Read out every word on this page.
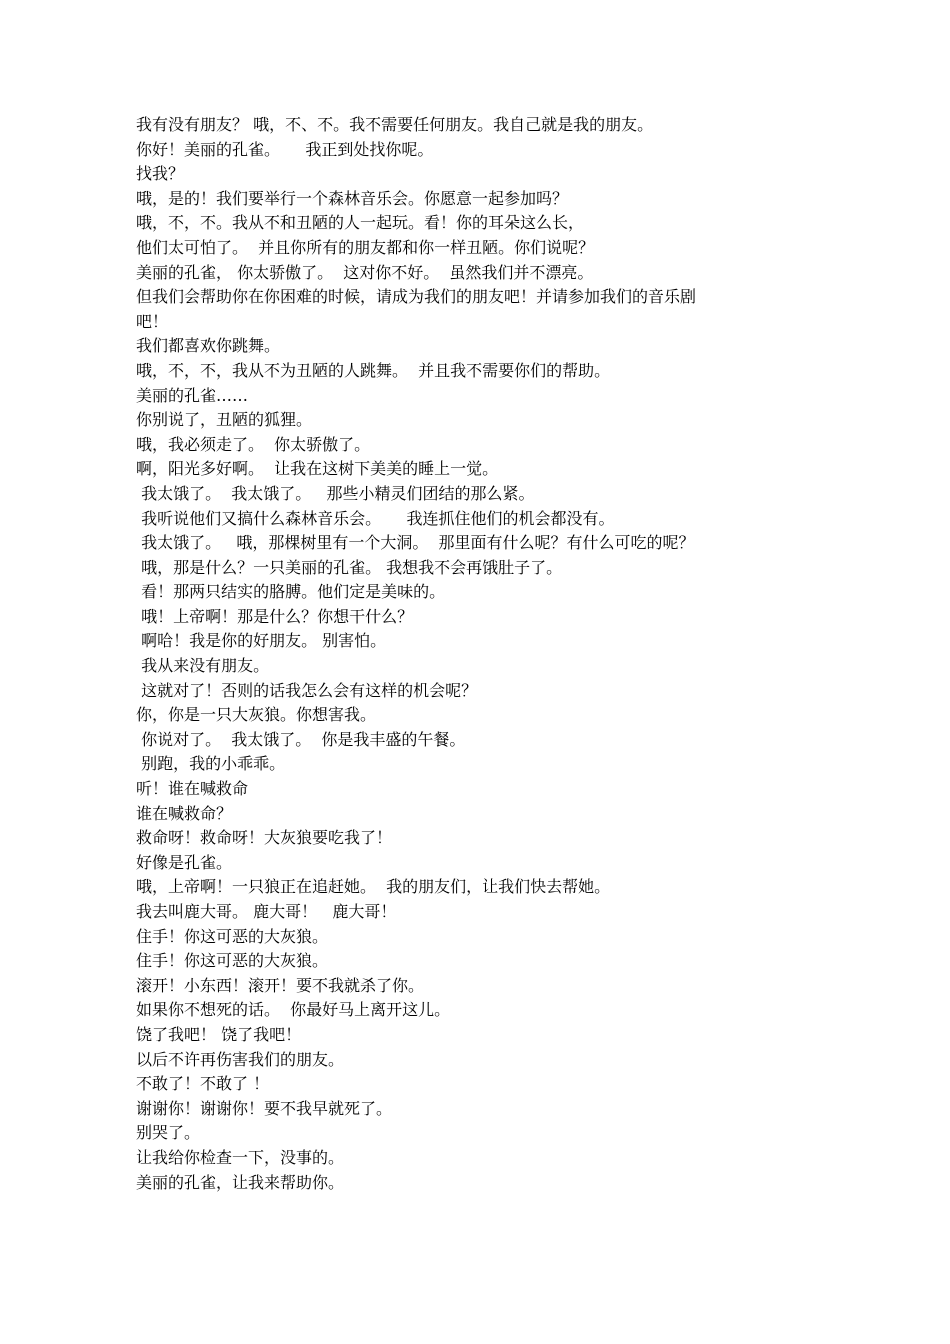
我有没有朋友？ 哦，不、不。我不需要任何朋友。我自己就是我的朋友。
你好！美丽的孔雀。     我正到处找你呢。
找我？
哦，是的！我们要举行一个森林音乐会。你愿意一起参加吗？
哦，不，不。我从不和丑陋的人一起玩。看！你的耳朵这么长，
他们太可怕了。  并且你所有的朋友都和你一样丑陋。你们说呢？
美丽的孔雀， 你太骄傲了。  这对你不好。  虽然我们并不漂亮。
但我们会帮助你在你困难的时候，请成为我们的朋友吧！并请参加我们的音乐剧
吧！
我们都喜欢你跳舞。
哦，不，不，我从不为丑陋的人跳舞。  并且我不需要你们的帮助。
美丽的孔雀……
你别说了，丑陋的狐狸。
哦，我必须走了。  你太骄傲了。
啊，阳光多好啊。  让我在这树下美美的睡上一觉。
我太饿了。  我太饿了。   那些小精灵们团结的那么紧。
我听说他们又搞什么森林音乐会。     我连抓住他们的机会都没有。
我太饿了。   哦，那棵树里有一个大洞。  那里面有什么呢？有什么可吃的呢？
哦，那是什么？一只美丽的孔雀。 我想我不会再饿肚子了。
看！那两只结实的胳膊。他们定是美味的。
哦！上帝啊！那是什么？你想干什么？
啊哈！我是你的好朋友。 别害怕。
我从来没有朋友。
这就对了！否则的话我怎么会有这样的机会呢？
你，你是一只大灰狼。你想害我。
你说对了。  我太饿了。  你是我丰盛的午餐。
别跑，我的小乖乖。
听！谁在喊救命
谁在喊救命？
救命呀！救命呀！大灰狼要吃我了！
好像是孔雀。
哦，上帝啊！一只狼正在追赶她。  我的朋友们，让我们快去帮她。
我去叫鹿大哥。 鹿大哥！   鹿大哥！
住手！你这可恶的大灰狼。
住手！你这可恶的大灰狼。
滚开！小东西！滚开！要不我就杀了你。
如果你不想死的话。  你最好马上离开这儿。
饶了我吧！ 饶了我吧！
以后不许再伤害我们的朋友。
不敢了！不敢了 ！
谢谢你！谢谢你！要不我早就死了。
别哭了。
让我给你检查一下，没事的。
美丽的孔雀，让我来帮助你。
